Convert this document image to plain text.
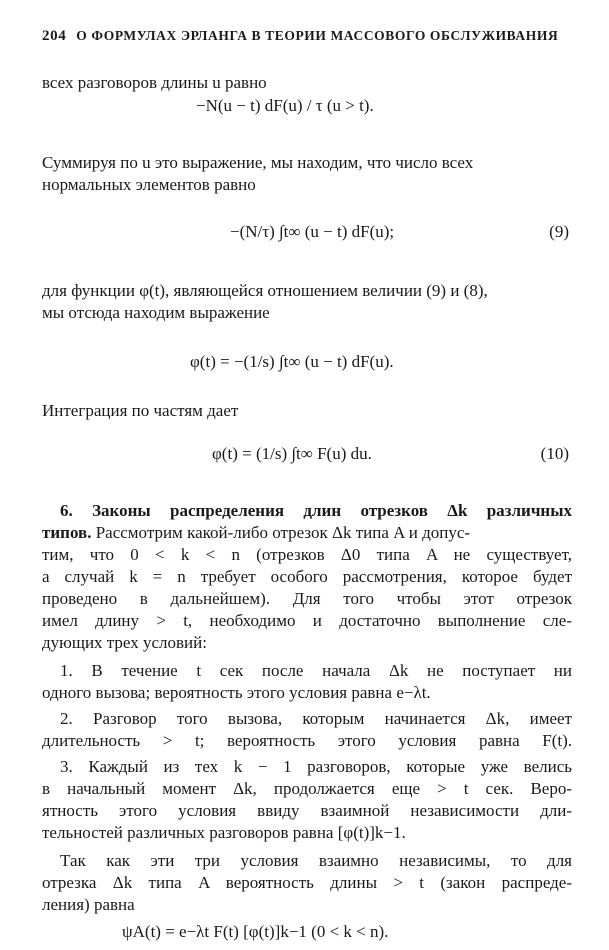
204 О ФОРМУЛАХ ЭРЛАНГА В ТЕОРИИ МАССОВОГО ОБСЛУЖИВАНИЯ
всех разговоров длины u равно
−N(u − t) dF(u) / τ (u > t).
Суммируя по u это выражение, мы находим, что число всех
нормальных элементов равно
−(N/τ) ∫t∞ (u − t) dF(u);	(9)
для функции φ(t), являющейся отношением величии (9) и (8),
мы отсюда находим выражение
φ(t) = −(1/s) ∫t∞ (u − t) dF(u).
Интеграция по частям дает
φ(t) = (1/s) ∫t∞ F(u) du.	(10)
6. Законы распределения длин отрезков Δk различных
типов. Рассмотрим какой-либо отрезок Δk типа A и допус-
тим, что 0 < k < n (отрезков Δ0 типа A не существует,
а случай k = n требует особого рассмотрения, которое будет
проведено в дальнейшем). Для того чтобы этот отрезок
имел длину > t, необходимо и достаточно выполнение сле-
дующих трех условий:
1. В течение t сек после начала Δk не поступает ни
одного вызова; вероятность этого условия равна e−λt.
2. Разговор того вызова, которым начинается Δk, имеет
длительность > t; вероятность этого условия равна F(t).
3. Каждый из тех k − 1 разговоров, которые уже велись
в начальный момент Δk, продолжается еще > t сек. Веро-
ятность этого условия ввиду взаимной независимости дли-
тельностей различных разговоров равна [φ(t)]k−1.
Так как эти три условия взаимно независимы, то для
отрезка Δk типа A вероятность длины > t (закон распреде-
ления) равна
ψA(t) = e−λt F(t) [φ(t)]k−1 (0 < k < n).
